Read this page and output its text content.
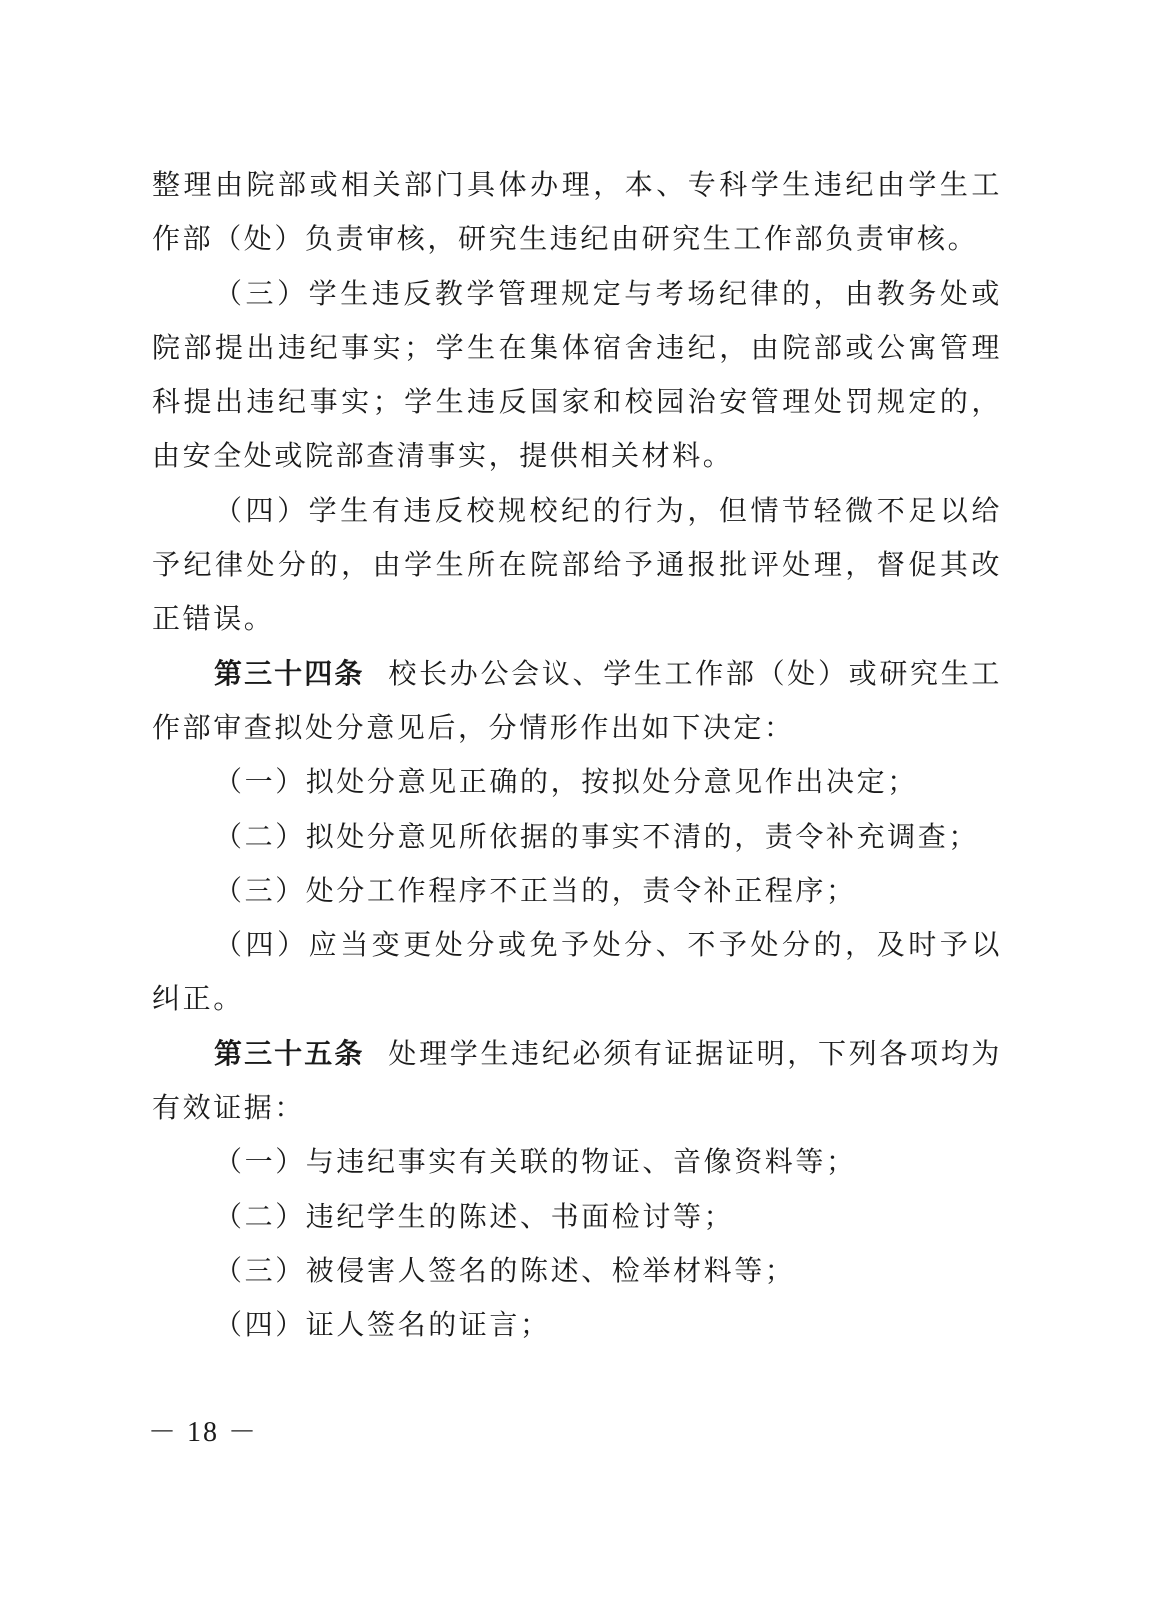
整理由院部或相关部门具体办理，本、专科学生违纪由学生工作部（处）负责审核，研究生违纪由研究生工作部负责审核。

（三）学生违反教学管理规定与考场纪律的，由教务处或院部提出违纪事实；学生在集体宿舍违纪，由院部或公寓管理科提出违纪事实；学生违反国家和校园治安管理处罚规定的，由安全处或院部查清事实，提供相关材料。

（四）学生有违反校规校纪的行为，但情节轻微不足以给予纪律处分的，由学生所在院部给予通报批评处理，督促其改正错误。

第三十四条 校长办公会议、学生工作部（处）或研究生工作部审查拟处分意见后，分情形作出如下决定：

（一）拟处分意见正确的，按拟处分意见作出决定；

（二）拟处分意见所依据的事实不清的，责令补充调查；

（三）处分工作程序不正当的，责令补正程序；

（四）应当变更处分或免予处分、不予处分的，及时予以纠正。

第三十五条 处理学生违纪必须有证据证明，下列各项均为有效证据：

（一）与违纪事实有关联的物证、音像资料等；

（二）违纪学生的陈述、书面检讨等；

（三）被侵害人签名的陈述、检举材料等；

（四）证人签名的证言；

－ 18 －
